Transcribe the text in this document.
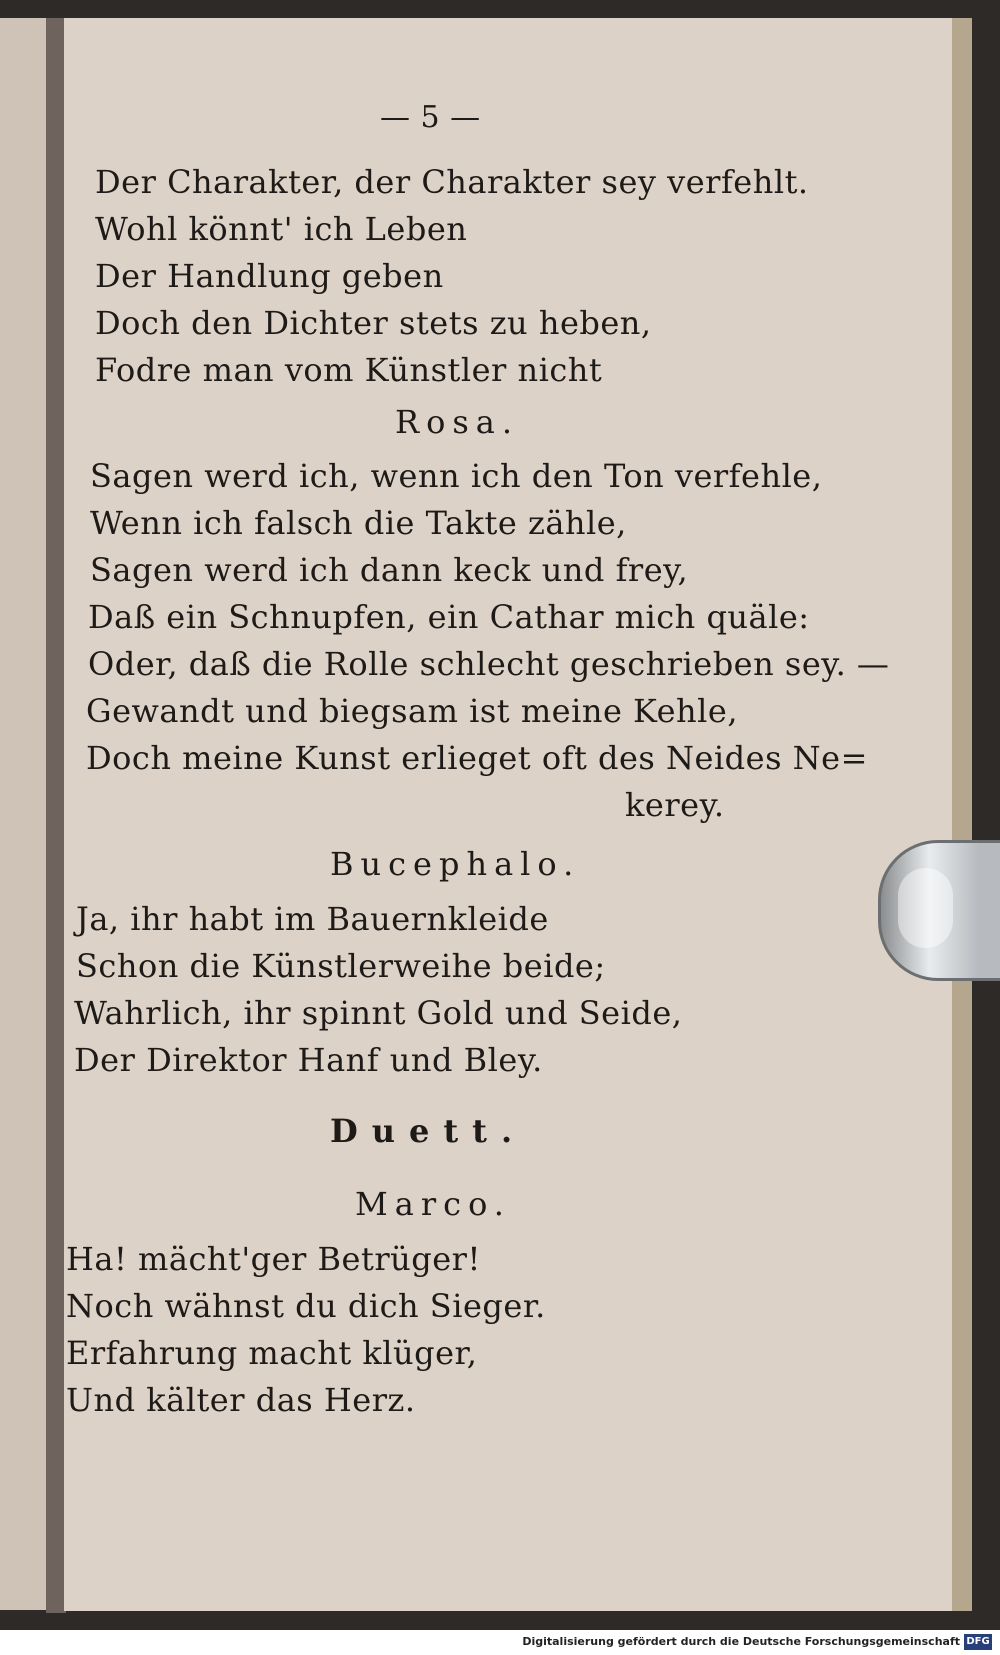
— 5 —
Der Charakter, der Charakter sey verfehlt.
Wohl könnt' ich Leben
Der Handlung geben
Doch den Dichter stets zu heben,
Fodre man vom Künstler nicht
Rosa.
Sagen werd ich, wenn ich den Ton verfehle,
Wenn ich falsch die Takte zähle,
Sagen werd ich dann keck und frey,
Daß ein Schnupfen, ein Cathar mich quäle:
Oder, daß die Rolle schlecht geschrieben sey. —
Gewandt und biegsam ist meine Kehle,
Doch meine Kunst erlieget oft des Neides Ne=
kerey.
Bucephalo.
Ja, ihr habt im Bauernkleide
Schon die Künstlerweihe beide;
Wahrlich, ihr spinnt Gold und Seide,
Der Direktor Hanf und Bley.
Duett.
Marco.
Ha! mächt'ger Betrüger!
Noch wähnst du dich Sieger.
Erfahrung macht klüger,
Und kälter das Herz.
Digitalisierung gefördert durch die Deutsche Forschungsgemeinschaft DFG
